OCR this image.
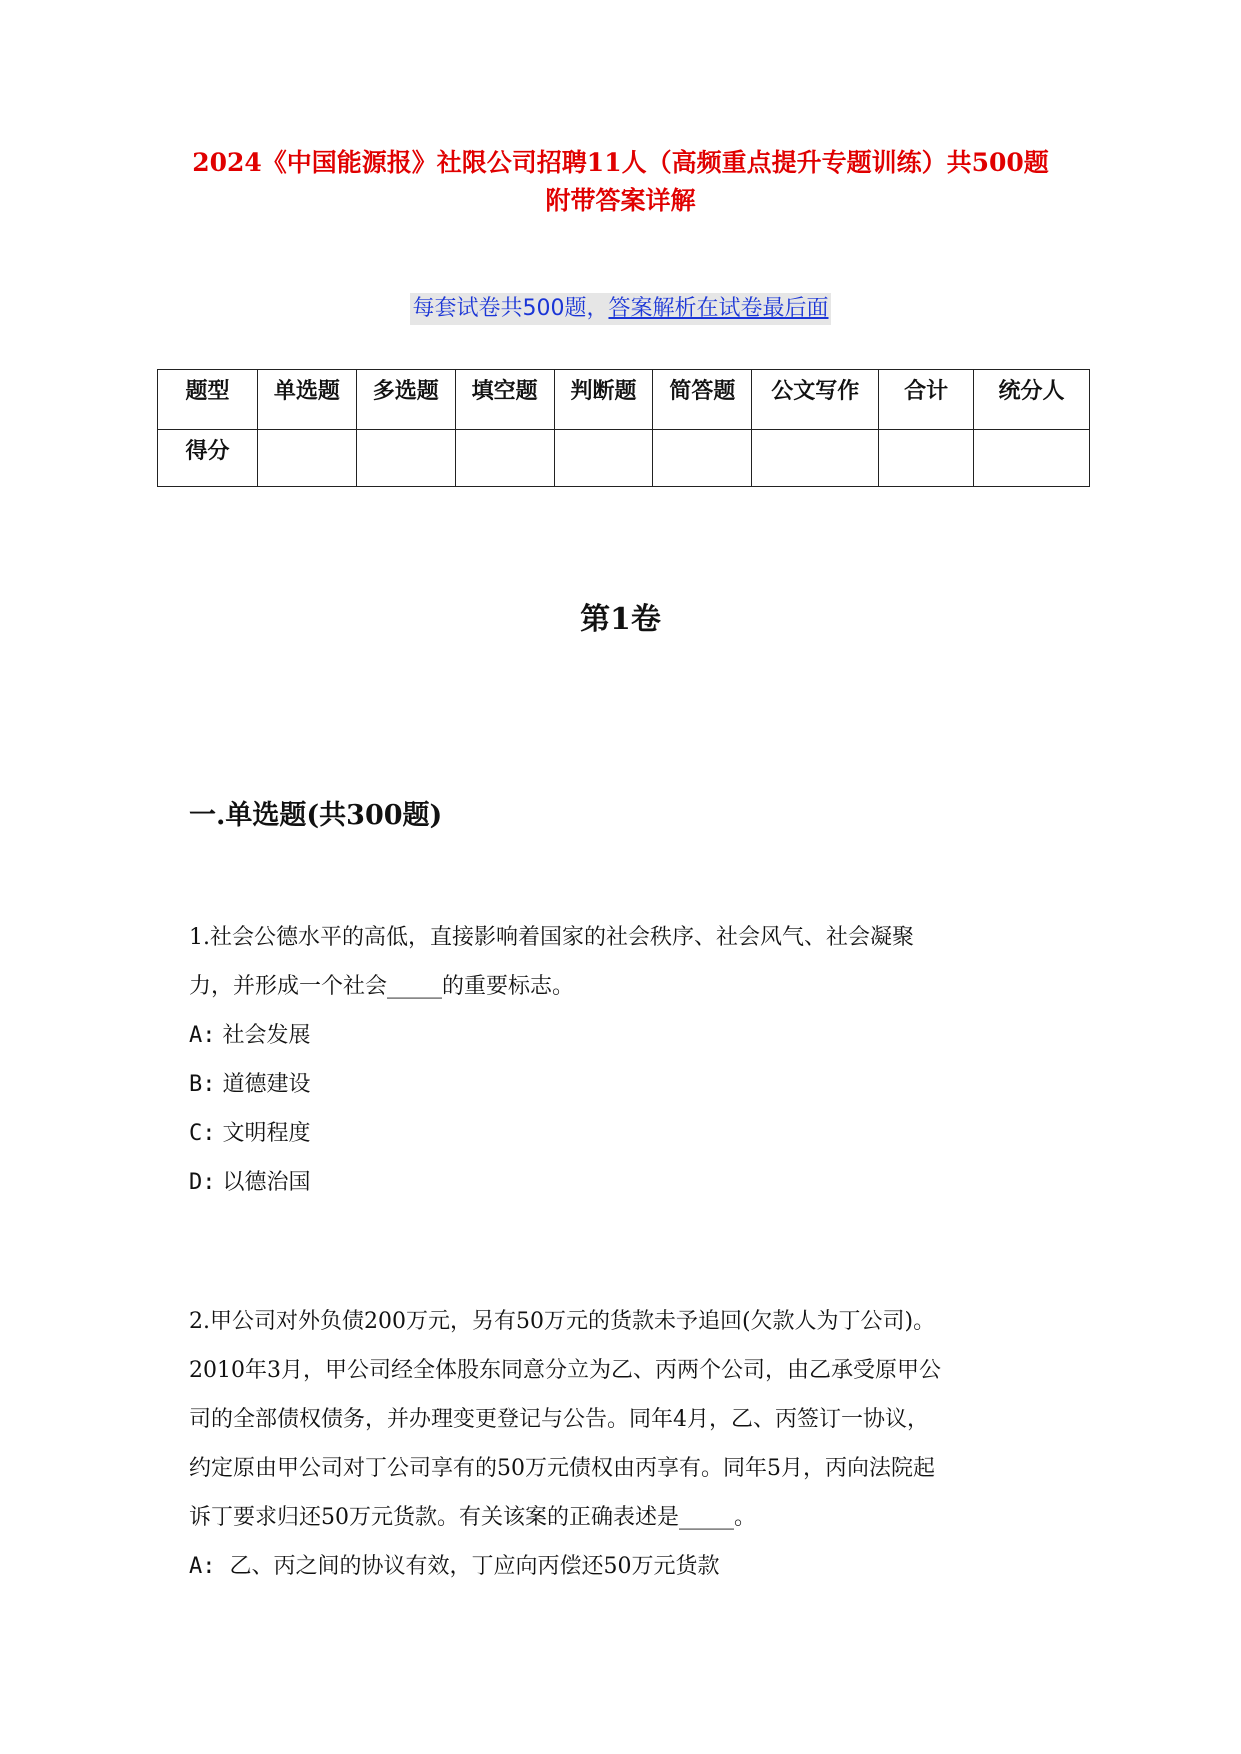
2024《中国能源报》社限公司招聘11人（高频重点提升专题训练）共500题
附带答案详解
每套试卷共500题，答案解析在试卷最后面
题型	单选题	多选题	填空题	判断题	简答题	公文写作	合计	统分人
得分								
第1卷
一.单选题(共300题)

1.社会公德水平的高低，直接影响着国家的社会秩序、社会风气、社会凝聚

力，并形成一个社会_____的重要标志。

A: 社会发展

B: 道德建设

C: 文明程度

D: 以德治国

2.甲公司对外负债200万元，另有50万元的货款未予追回(欠款人为丁公司)。

2010年3月，甲公司经全体股东同意分立为乙、丙两个公司，由乙承受原甲公

司的全部债权债务，并办理变更登记与公告。同年4月，乙、丙签订一协议，

约定原由甲公司对丁公司享有的50万元债权由丙享有。同年5月，丙向法院起

诉丁要求归还50万元货款。有关该案的正确表述是_____。

A: 乙、丙之间的协议有效，丁应向丙偿还50万元货款
